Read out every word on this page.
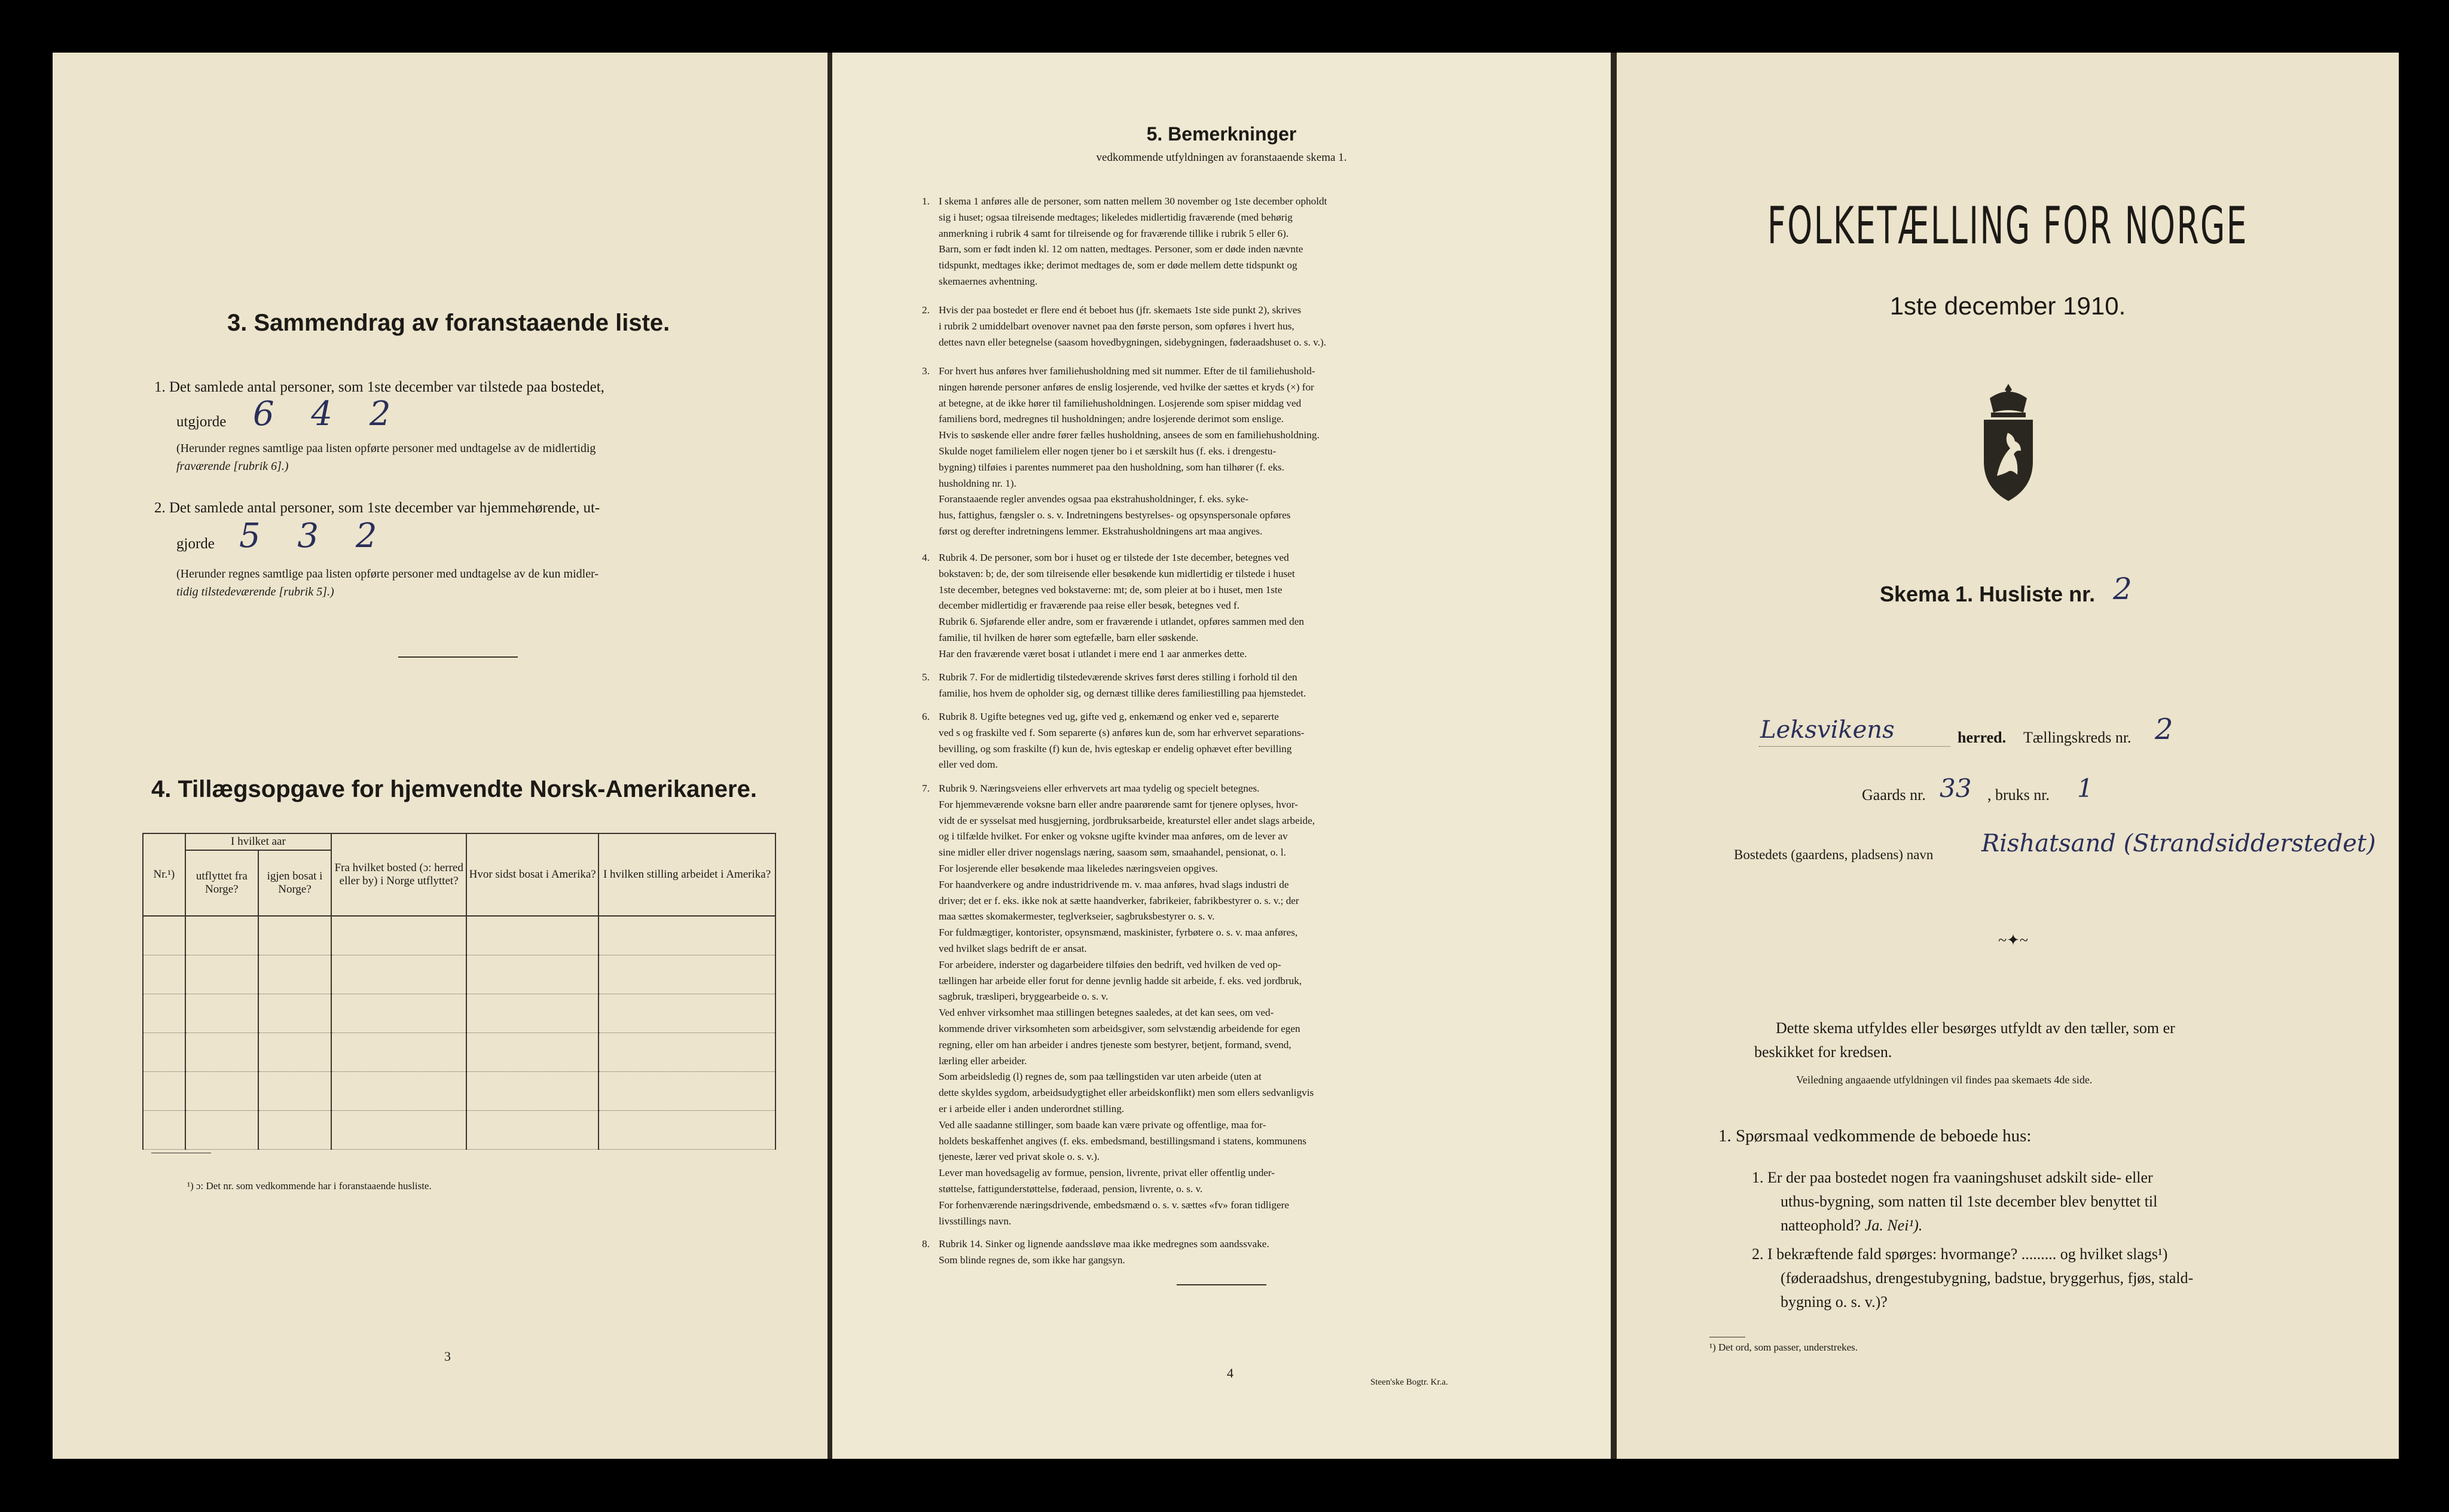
3. Sammendrag av foranstaaende liste.
1. Det samlede antal personer, som 1ste december var tilstede paa bostedet,
utgjorde 6 4 2
(Herunder regnes samtlige paa listen opførte personer med undtagelse av de midlertidig
fraværende [rubrik 6].)
2. Det samlede antal personer, som 1ste december var hjemmehørende, ut-
gjorde 5 3 2
(Herunder regnes samtlige paa listen opførte personer med undtagelse av de kun midler-
tidig tilstedeværende [rubrik 5].)
4. Tillægsopgave for hjemvendte Norsk-Amerikanere.
Nr.¹)	I hvilket aar		Fra hvilket bosted (ɔ: herred eller by) i Norge utflyttet?	Hvor sidst bosat i Amerika?	I hvilken stilling arbeidet i Amerika?
	utflyttet fra Norge?	igjen bosat i Norge?			

¹) ɔ: Det nr. som vedkommende har i foranstaaende husliste.
3
5. Bemerkninger
vedkommende utfyldningen av foranstaaende skema 1.
1. I skema 1 anføres alle de personer, som natten mellem 30 november og 1ste december opholdt
sig i huset; ogsaa tilreisende medtages; likeledes midlertidig fraværende (med behørig
anmerkning i rubrik 4 samt for tilreisende og for fraværende tillike i rubrik 5 eller 6).
Barn, som er født inden kl. 12 om natten, medtages. Personer, som er døde inden nævnte
tidspunkt, medtages ikke; derimot medtages de, som er døde mellem dette tidspunkt og
skemaernes avhentning.
2. Hvis der paa bostedet er flere end ét beboet hus (jfr. skemaets 1ste side punkt 2), skrives
i rubrik 2 umiddelbart ovenover navnet paa den første person, som opføres i hvert hus,
dettes navn eller betegnelse (saasom hovedbygningen, sidebygningen, føderaadshuset o. s. v.).
3. For hvert hus anføres hver familiehusholdning med sit nummer. Efter de til familiehushold-
ningen hørende personer anføres de enslig losjerende, ved hvilke der sættes et kryds (×) for
at betegne, at de ikke hører til familiehusholdningen. Losjerende som spiser middag ved
familiens bord, medregnes til husholdningen; andre losjerende derimot som enslige.
Hvis to søskende eller andre fører fælles husholdning, ansees de som en familiehusholdning.
Skulde noget familielem eller nogen tjener bo i et særskilt hus (f. eks. i drengestu-
bygning) tilføies i parentes nummeret paa den husholdning, som han tilhører (f. eks.
husholdning nr. 1).
Foranstaaende regler anvendes ogsaa paa ekstrahusholdninger, f. eks. syke-
hus, fattighus, fængsler o. s. v. Indretningens bestyrelses- og opsynspersonale opføres
først og derefter indretningens lemmer. Ekstrahusholdningens art maa angives.
4. Rubrik 4. De personer, som bor i huset og er tilstede der 1ste december, betegnes ved
bokstaven: b; de, der som tilreisende eller besøkende kun midlertidig er tilstede i huset
1ste december, betegnes ved bokstaverne: mt; de, som pleier at bo i huset, men 1ste
december midlertidig er fraværende paa reise eller besøk, betegnes ved f.
Rubrik 6. Sjøfarende eller andre, som er fraværende i utlandet, opføres sammen med den
familie, til hvilken de hører som egtefælle, barn eller søskende.
Har den fraværende været bosat i utlandet i mere end 1 aar anmerkes dette.
5. Rubrik 7. For de midlertidig tilstedeværende skrives først deres stilling i forhold til den
familie, hos hvem de opholder sig, og dernæst tillike deres familiestilling paa hjemstedet.
6. Rubrik 8. Ugifte betegnes ved ug, gifte ved g, enkemænd og enker ved e, separerte
ved s og fraskilte ved f. Som separerte (s) anføres kun de, som har erhvervet separations-
bevilling, og som fraskilte (f) kun de, hvis egteskap er endelig ophævet efter bevilling
eller ved dom.
7. Rubrik 9. Næringsveiens eller erhvervets art maa tydelig og specielt betegnes.
For hjemmeværende voksne barn eller andre paarørende samt for tjenere oplyses, hvor-
vidt de er sysselsat med husgjerning, jordbruksarbeide, kreaturstel eller andet slags arbeide,
og i tilfælde hvilket. For enker og voksne ugifte kvinder maa anføres, om de lever av
sine midler eller driver nogenslags næring, saasom søm, smaahandel, pensionat, o. l.
For losjerende eller besøkende maa likeledes næringsveien opgives.
For haandverkere og andre industridrivende m. v. maa anføres, hvad slags industri de
driver; det er f. eks. ikke nok at sætte haandverker, fabrikeier, fabrikbestyrer o. s. v.; der
maa sættes skomakermester, teglverkseier, sagbruksbestyrer o. s. v.
For fuldmægtiger, kontorister, opsynsmænd, maskinister, fyrbøtere o. s. v. maa anføres,
ved hvilket slags bedrift de er ansat.
For arbeidere, inderster og dagarbeidere tilføies den bedrift, ved hvilken de ved op-
tællingen har arbeide eller forut for denne jevnlig hadde sit arbeide, f. eks. ved jordbruk,
sagbruk, træsliperi, bryggearbeide o. s. v.
Ved enhver virksomhet maa stillingen betegnes saaledes, at det kan sees, om ved-
kommende driver virksomheten som arbeidsgiver, som selvstændig arbeidende for egen
regning, eller om han arbeider i andres tjeneste som bestyrer, betjent, formand, svend,
lærling eller arbeider.
Som arbeidsledig (l) regnes de, som paa tællingstiden var uten arbeide (uten at
dette skyldes sygdom, arbeidsudygtighet eller arbeidskonflikt) men som ellers sedvanligvis
er i arbeide eller i anden underordnet stilling.
Ved alle saadanne stillinger, som baade kan være private og offentlige, maa for-
holdets beskaffenhet angives (f. eks. embedsmand, bestillingsmand i statens, kommunens
tjeneste, lærer ved privat skole o. s. v.).
Lever man hovedsagelig av formue, pension, livrente, privat eller offentlig under-
støttelse, fattigunderstøttelse, føderaad, pension, livrente, o. s. v.
For forhenværende næringsdrivende, embedsmænd o. s. v. sættes «fv» foran tidligere
livsstillings navn.
8. Rubrik 14. Sinker og lignende aandssløve maa ikke medregnes som aandssvake.
Som blinde regnes de, som ikke har gangsyn.
4
Steen'ske Bogtr. Kr.a.
FOLKETÆLLING FOR NORGE
1ste december 1910.
Skema 1. Husliste nr. 2
Leksvikens	herred. Tællingskreds nr. 2
Gaards nr. 33 , bruks nr. 1
Bostedets (gaardens, pladsens) navn Rishatsand (Strandsidderstedet)
~✦~
Dette skema utfyldes eller besørges utfyldt av den tæller, som er
beskikket for kredsen.
Veiledning angaaende utfyldningen vil findes paa skemaets 4de side.
1. Spørsmaal vedkommende de beboede hus:
1. Er der paa bostedet nogen fra vaaningshuset adskilt side- eller
uthus-bygning, som natten til 1ste december blev benyttet til
natteophold? Ja. Nei¹).
2. I bekræftende fald spørges: hvormange? ......... og hvilket slags¹)
(føderaadshus, drengestubygning, badstue, bryggerhus, fjøs, stald-
bygning o. s. v.)?
¹) Det ord, som passer, understrekes.
